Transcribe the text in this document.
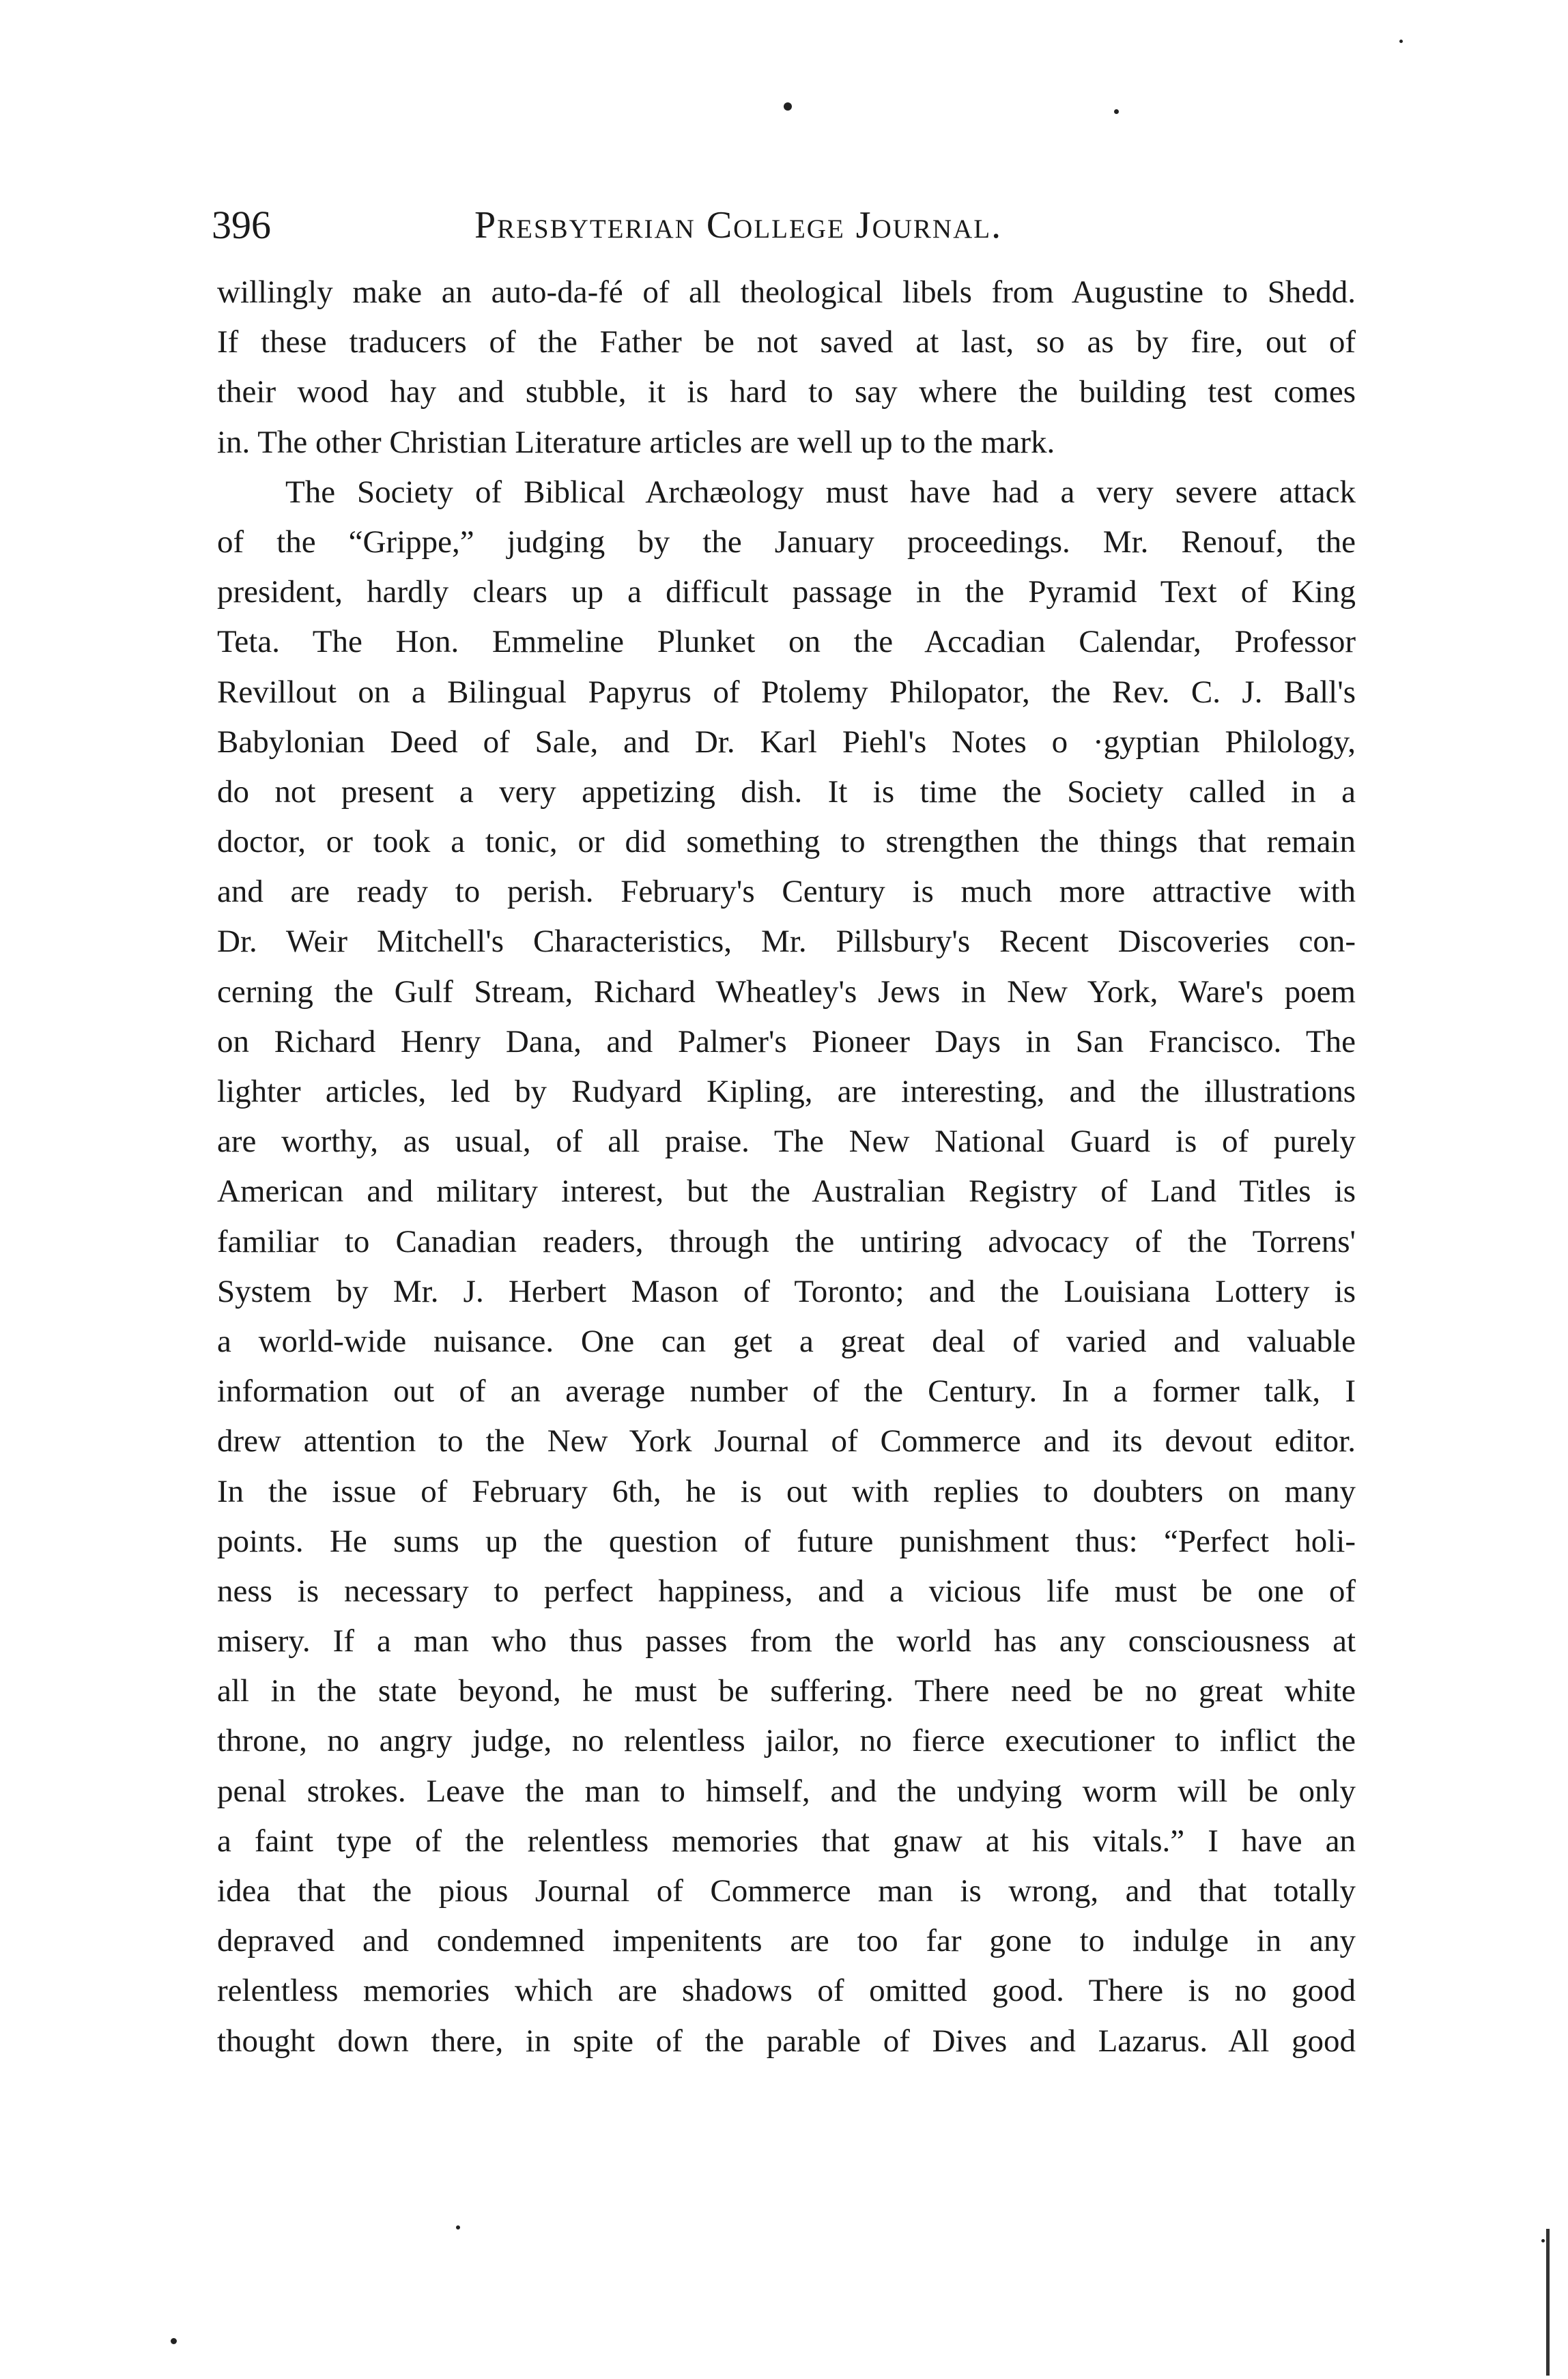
396	Presbyterian College Journal.
willingly make an auto-da-fé of all theological libels from Augustine to Shedd.
If these traducers of the Father be not saved at last, so as by fire, out of
their wood hay and stubble, it is hard to say where the building test comes
in. The other Christian Literature articles are well up to the mark.
The Society of Biblical Archæology must have had a very severe attack
of the “Grippe,” judging by the January proceedings. Mr. Renouf, the
president, hardly clears up a difficult passage in the Pyramid Text of King
Teta. The Hon. Emmeline Plunket on the Accadian Calendar, Professor
Revillout on a Bilingual Papyrus of Ptolemy Philopator, the Rev. C. J. Ball's
Babylonian Deed of Sale, and Dr. Karl Piehl's Notes o ·gyptian Philology,
do not present a very appetizing dish. It is time the Society called in a
doctor, or took a tonic, or did something to strengthen the things that remain
and are ready to perish. February's Century is much more attractive with
Dr. Weir Mitchell's Characteristics, Mr. Pillsbury's Recent Discoveries con-
cerning the Gulf Stream, Richard Wheatley's Jews in New York, Ware's poem
on Richard Henry Dana, and Palmer's Pioneer Days in San Francisco. The
lighter articles, led by Rudyard Kipling, are interesting, and the illustrations
are worthy, as usual, of all praise. The New National Guard is of purely
American and military interest, but the Australian Registry of Land Titles is
familiar to Canadian readers, through the untiring advocacy of the Torrens'
System by Mr. J. Herbert Mason of Toronto; and the Louisiana Lottery is
a world-wide nuisance. One can get a great deal of varied and valuable
information out of an average number of the Century. In a former talk, I
drew attention to the New York Journal of Commerce and its devout editor.
In the issue of February 6th, he is out with replies to doubters on many
points. He sums up the question of future punishment thus: “Perfect holi-
ness is necessary to perfect happiness, and a vicious life must be one of
misery. If a man who thus passes from the world has any consciousness at
all in the state beyond, he must be suffering. There need be no great white
throne, no angry judge, no relentless jailor, no fierce executioner to inflict the
penal strokes. Leave the man to himself, and the undying worm will be only
a faint type of the relentless memories that gnaw at his vitals.” I have an
idea that the pious Journal of Commerce man is wrong, and that totally
depraved and condemned impenitents are too far gone to indulge in any
relentless memories which are shadows of omitted good. There is no good
thought down there, in spite of the parable of Dives and Lazarus. All good
